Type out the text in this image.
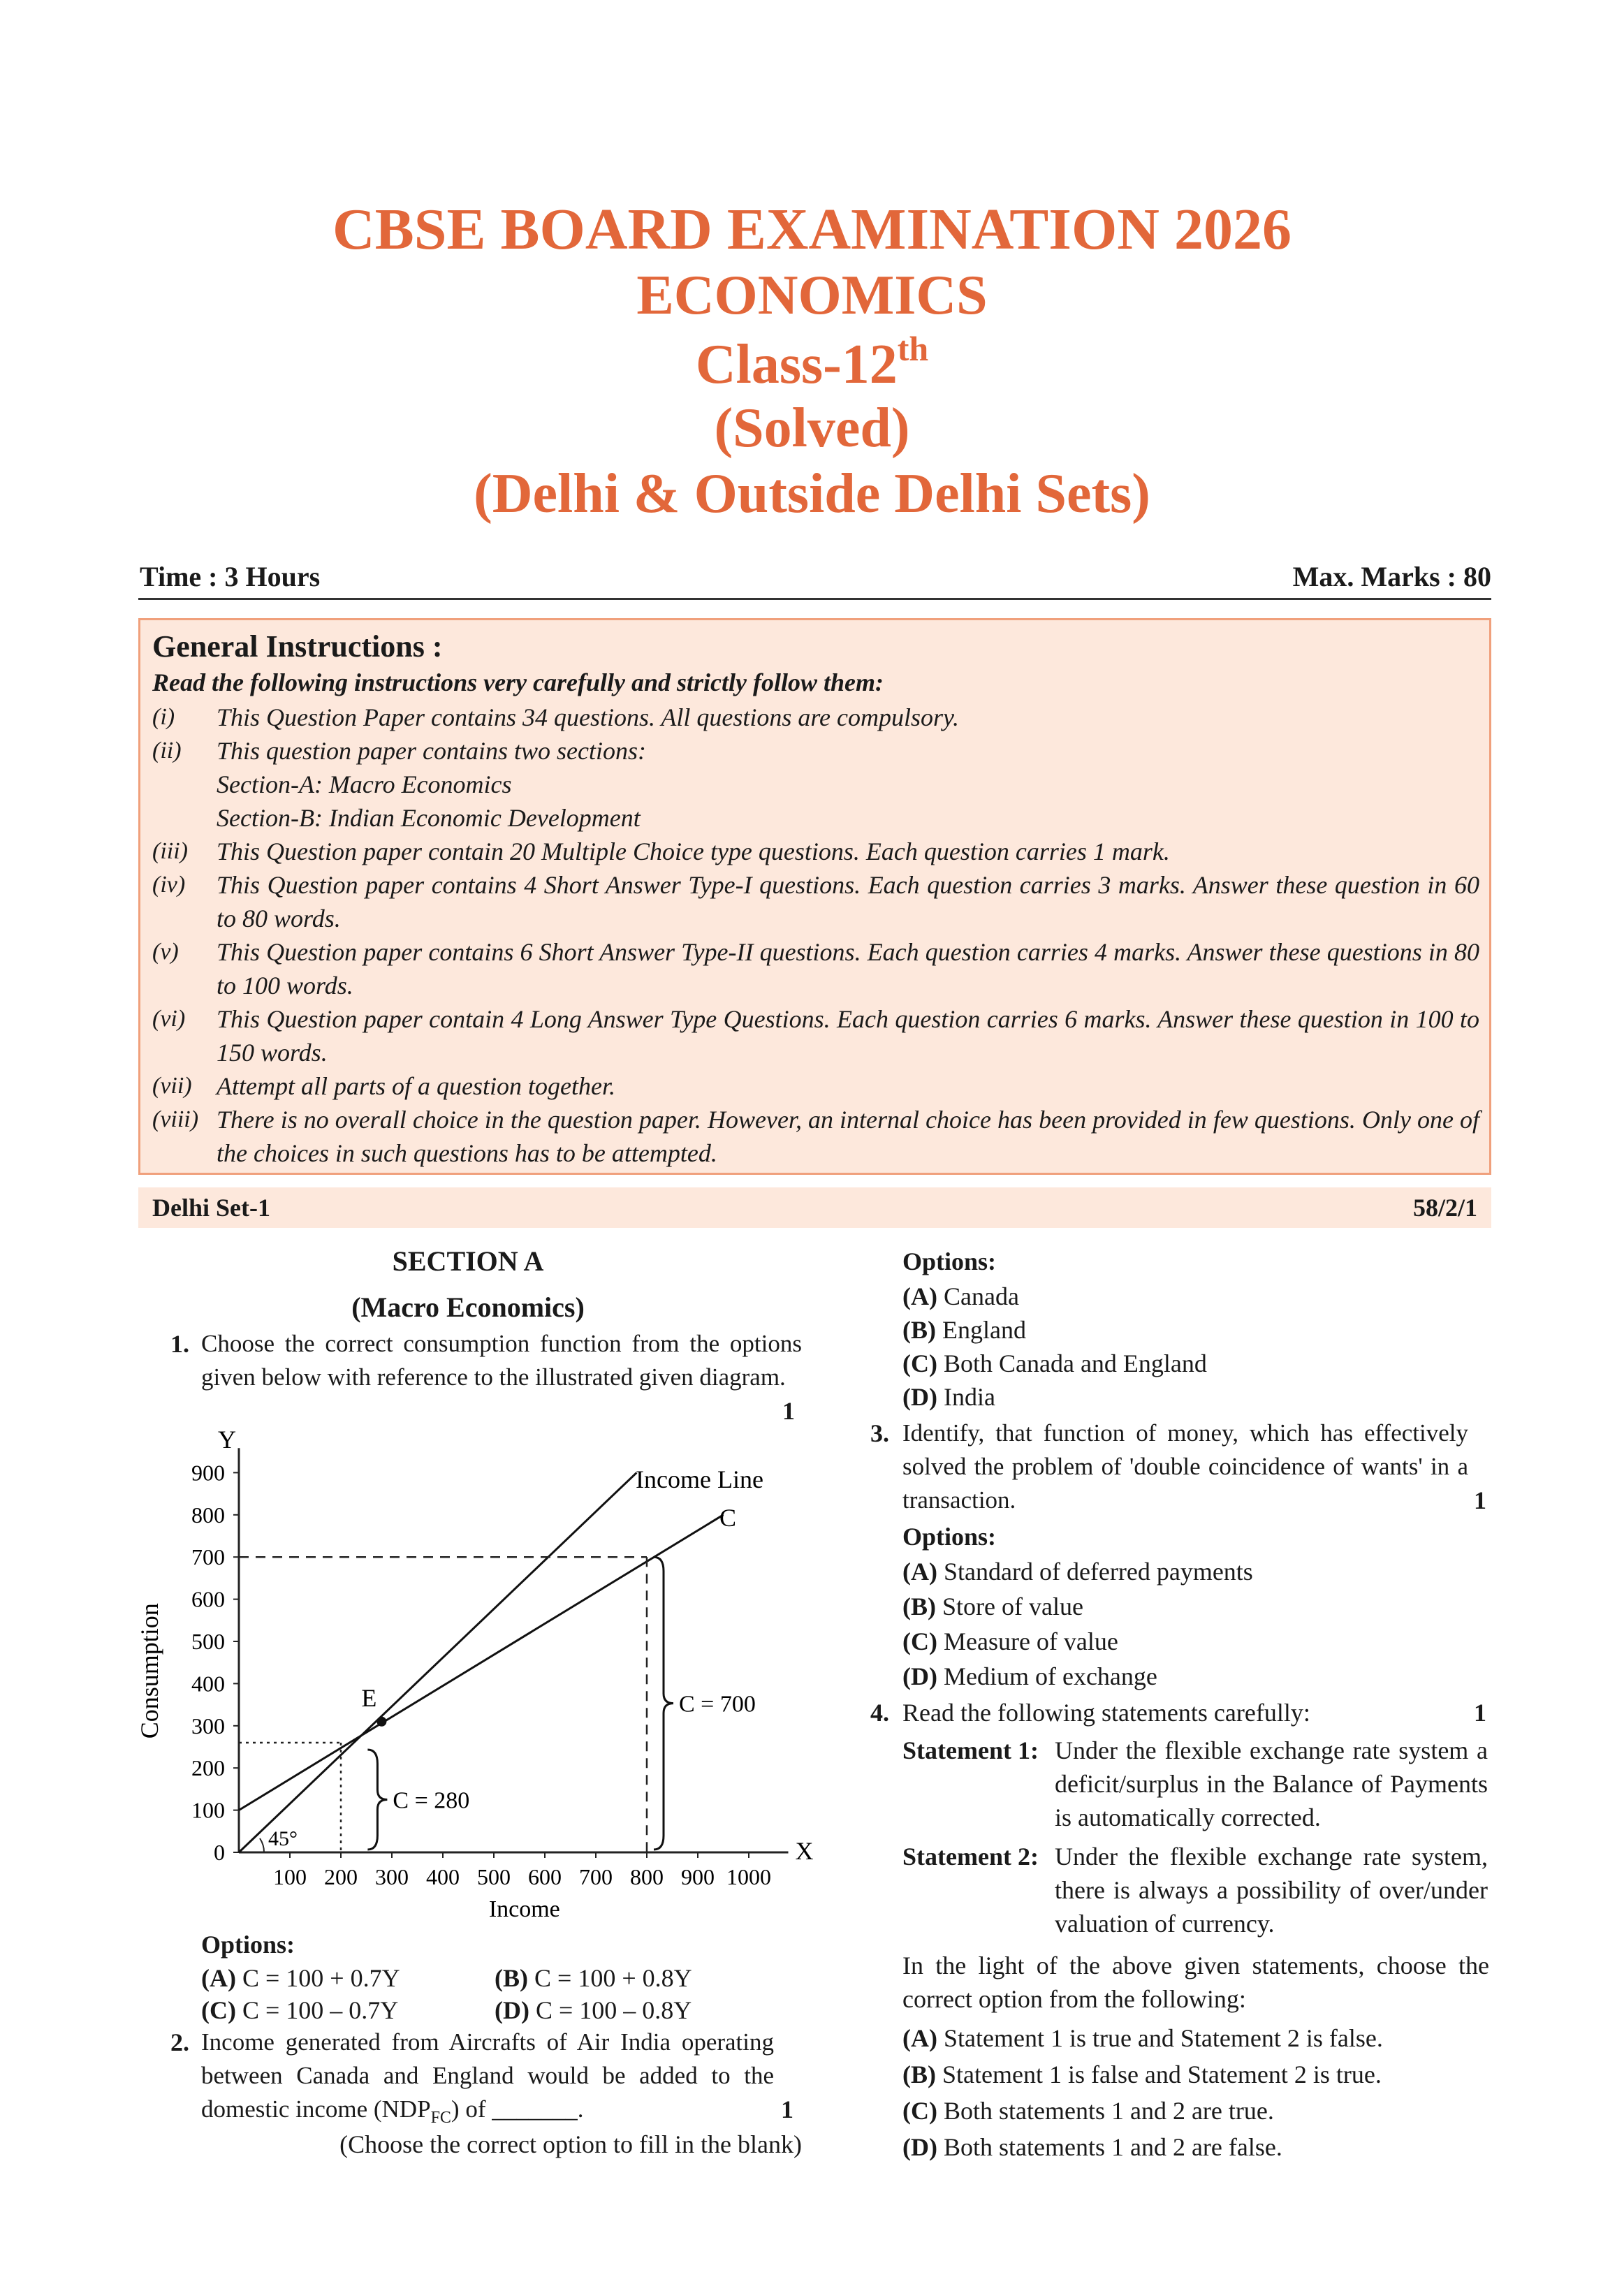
CBSE BOARD EXAMINATION 2026
ECONOMICS
Class-12th
(Solved)
(Delhi & Outside Delhi Sets)
Time : 3 Hours	Max. Marks : 80
General Instructions :
Read the following instructions very carefully and strictly follow them:
(i) This Question Paper contains 34 questions. All questions are compulsory.
(ii) This question paper contains two sections:
Section-A: Macro Economics
Section-B: Indian Economic Development
(iii) This Question paper contain 20 Multiple Choice type questions. Each question carries 1 mark.
(iv) This Question paper contains 4 Short Answer Type-I questions. Each question carries 3 marks. Answer these question in 60 to 80 words.
(v) This Question paper contains 6 Short Answer Type-II questions. Each question carries 4 marks. Answer these questions in 80 to 100 words.
(vi) This Question paper contain 4 Long Answer Type Questions. Each question carries 6 marks. Answer these question in 100 to 150 words.
(vii) Attempt all parts of a question together.
(viii) There is no overall choice in the question paper. However, an internal choice has been provided in few questions. Only one of the choices in such questions has to be attempted.
Delhi Set-1	58/2/1
SECTION A
(Macro Economics)
1. Choose the correct consumption function from the options given below with reference to the illustrated given diagram.
1
X
Y
100 200 300 400 500 600 700 800 900 1000
0
100
200
300
400
500
600
700
800
900
Income
Consumption
Income Line
C
E
45°
C = 280
C = 700
Options:
(A) C = 100 + 0.7Y	(B) C = 100 + 0.8Y
(C) C = 100 – 0.7Y	(D) C = 100 – 0.8Y
2. Income generated from Aircrafts of Air India operating between Canada and England would be added to the domestic income $(NDP_{FC})$ of _______.	1
(Choose the correct option to fill in the blank)
Options:
(A) Canada
(B) England
(C) Both Canada and England
(D) India
3. Identify, that function of money, which has effectively solved the problem of 'double coincidence of wants' in a transaction.	1
Options:
(A) Standard of deferred payments
(B) Store of value
(C) Measure of value
(D) Medium of exchange
4. Read the following statements carefully:	1
Statement 1: Under the flexible exchange rate system a deficit/surplus in the Balance of Payments is automatically corrected.
Statement 2: Under the flexible exchange rate system, there is always a possibility of over/under valuation of currency.
In the light of the above given statements, choose the correct option from the following:
(A) Statement 1 is true and Statement 2 is false.
(B) Statement 1 is false and Statement 2 is true.
(C) Both statements 1 and 2 are true.
(D) Both statements 1 and 2 are false.
